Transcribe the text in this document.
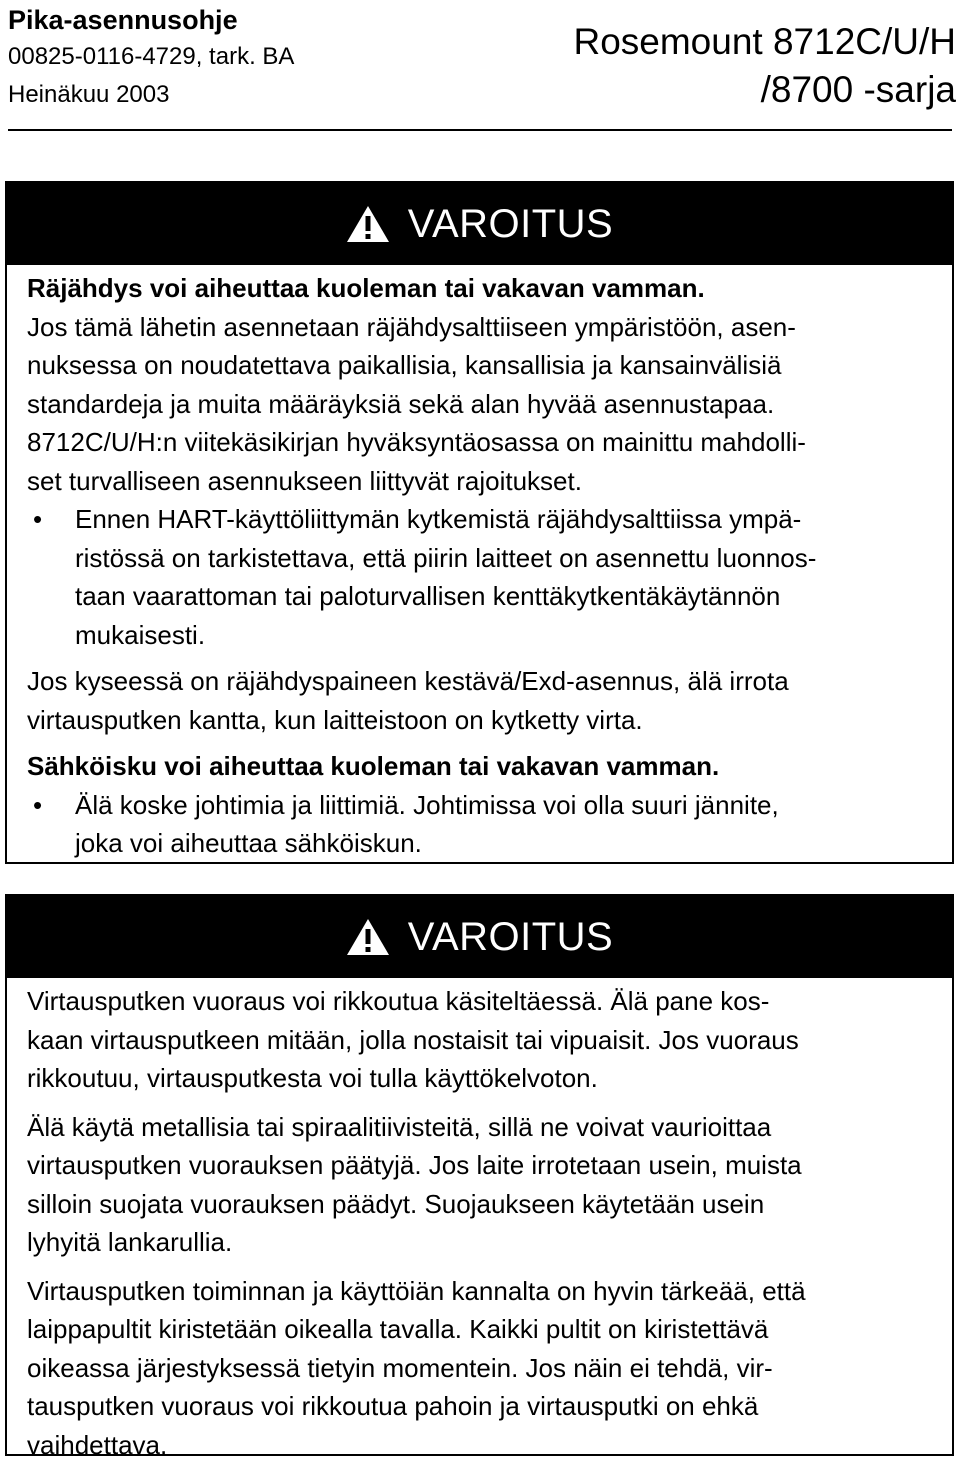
Pika-asennusohje
00825-0116-4729, tark. BA
Heinäkuu 2003
Rosemount 8712C/U/H
/8700 -sarja
VAROITUS

Räjähdys voi aiheuttaa kuoleman tai vakavan vamman.

Jos tämä lähetin asennetaan räjähdysalttiiseen ympäristöön, asen-
nuksessa on noudatettava paikallisia, kansallisia ja kansainvälisiä
standardeja ja muita määräyksiä sekä alan hyvää asennustapaa.
8712C/U/H:n viitekäsikirjan hyväksyntäosassa on mainittu mahdolli-
set turvalliseen asennukseen liittyvät rajoitukset.

• Ennen HART-käyttöliittymän kytkemistä räjähdysalttiissa ympä-
ristössä on tarkistettava, että piirin laitteet on asennettu luonnos-
taan vaarattoman tai paloturvallisen kenttäkytkentäkäytännön
mukaisesti.

Jos kyseessä on räjähdyspaineen kestävä/Exd-asennus, älä irrota
virtausputken kantta, kun laitteistoon on kytketty virta.

Sähköisku voi aiheuttaa kuoleman tai vakavan vamman.

• Älä koske johtimia ja liittimiä. Johtimissa voi olla suuri jännite,
joka voi aiheuttaa sähköiskun.
VAROITUS

Virtausputken vuoraus voi rikkoutua käsiteltäessä. Älä pane kos-
kaan virtausputkeen mitään, jolla nostaisit tai vipuaisit. Jos vuoraus
rikkoutuu, virtausputkesta voi tulla käyttökelvoton.

Älä käytä metallisia tai spiraalitiivisteitä, sillä ne voivat vaurioittaa
virtausputken vuorauksen päätyjä. Jos laite irrotetaan usein, muista
silloin suojata vuorauksen päädyt. Suojaukseen käytetään usein
lyhyitä lankarullia.

Virtausputken toiminnan ja käyttöiän kannalta on hyvin tärkeää, että
laippapultit kiristetään oikealla tavalla. Kaikki pultit on kiristettävä
oikeassa järjestyksessä tietyin momentein. Jos näin ei tehdä, vir-
tausputken vuoraus voi rikkoutua pahoin ja virtausputki on ehkä
vaihdettava.
